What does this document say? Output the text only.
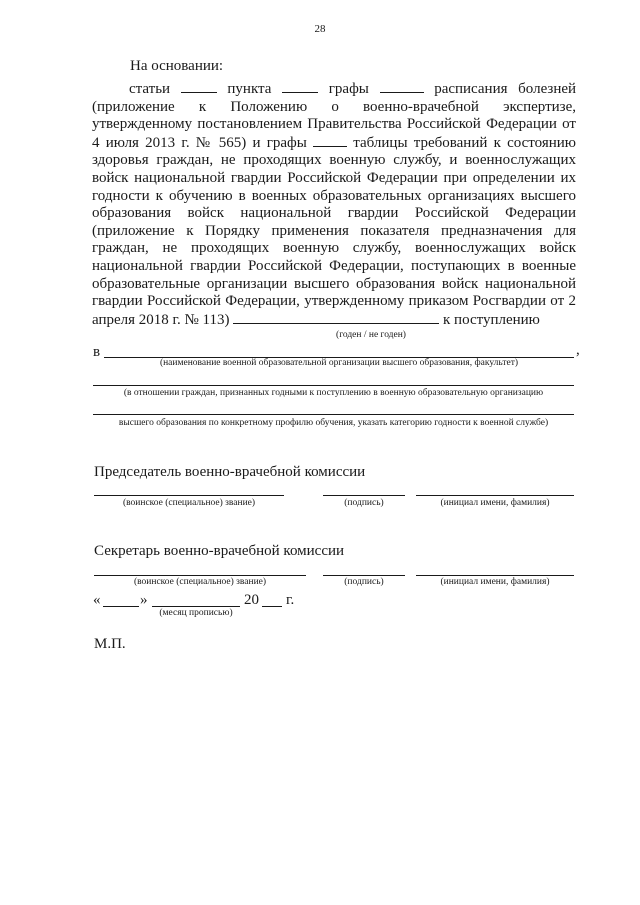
28
На основании:
статьи	пункта	графы	расписания болезней (приложение к Положению о военно-врачебной экспертизе, утвержденному постановлением Правительства Российской Федерации от 4 июля 2013 г. № 565) и графы	таблицы требований к состоянию здоровья граждан, не проходящих военную службу, и военнослужащих войск национальной гвардии Российской Федерации при определении их годности к обучению в военных образовательных организациях высшего образования войск национальной гвардии Российской Федерации (приложение к Порядку применения показателя предназначения для граждан, не проходящих военную службу, военнослужащих войск национальной гвардии Российской Федерации, поступающих в военные образовательные организации высшего образования войск национальной гвардии Российской Федерации, утвержденному приказом Росгвардии от 2 апреля 2018 г. № 113)	к поступлению
(годен / не годен)
в	,
(наименование военной образовательной организации высшего образования, факультет)
(в отношении граждан, признанных годными к поступлению в военную образовательную организацию
высшего образования по конкретному профилю обучения, указать категорию годности к военной службе)
Председатель военно-врачебной комиссии
(воинское (специальное) звание)	(подпись)	(инициал имени, фамилия)
Секретарь военно-врачебной комиссии
(воинское (специальное) звание)	(подпись)	(инициал имени, фамилия)
«	»	20 г.
(месяц прописью)
М.П.
